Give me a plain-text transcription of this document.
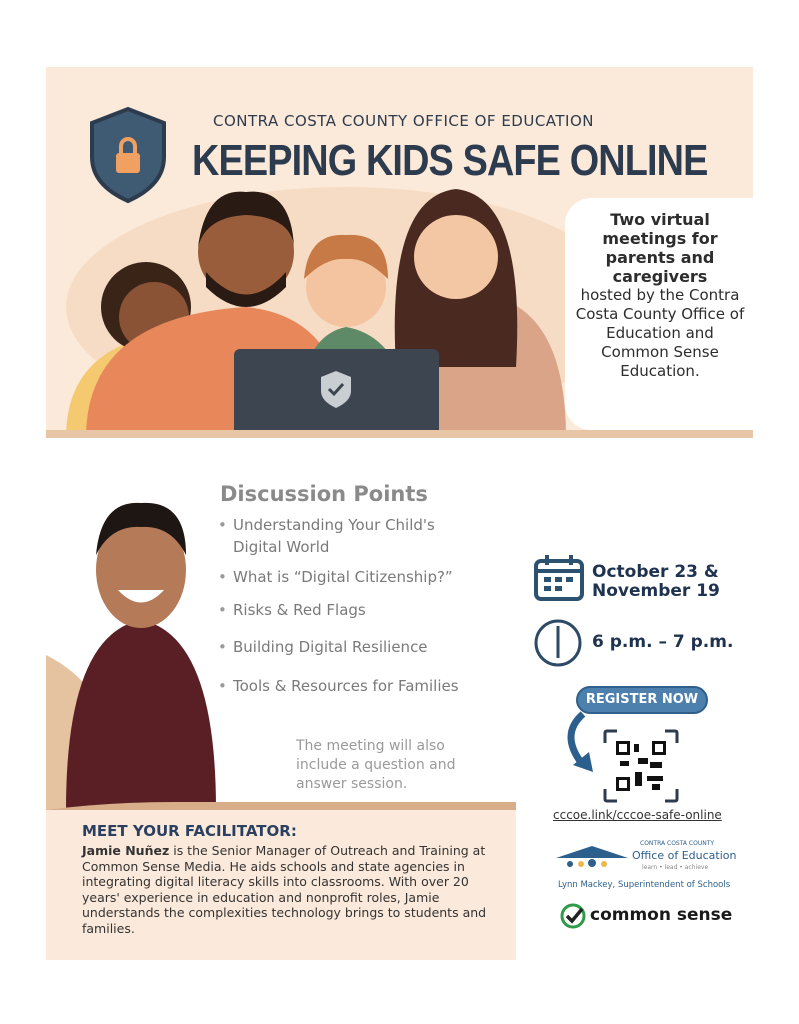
CONTRA COSTA COUNTY OFFICE OF EDUCATION
KEEPING KIDS SAFE ONLINE
Two virtual meetings for parents and caregivers
hosted by the Contra Costa County Office of Education and Common Sense Education.
Discussion Points
• Understanding Your Child's Digital World
• What is “Digital Citizenship?”
• Risks & Red Flags
• Building Digital Resilience
• Tools & Resources for Families
The meeting will also include a question and answer session.
October 23 &
November 19
6 p.m. – 7 p.m.
REGISTER NOW
cccoe.link/cccoe-safe-online
CONTRA COSTA COUNTY
Office of Education
learn • lead • achieve
Lynn Mackey, Superintendent of Schools
common sense
MEET YOUR FACILITATOR:
Jamie Nuñez is the Senior Manager of Outreach and Training at Common Sense Media. He aids schools and state agencies in integrating digital literacy skills into classrooms. With over 20 years' experience in education and nonprofit roles, Jamie understands the complexities technology brings to students and families.
